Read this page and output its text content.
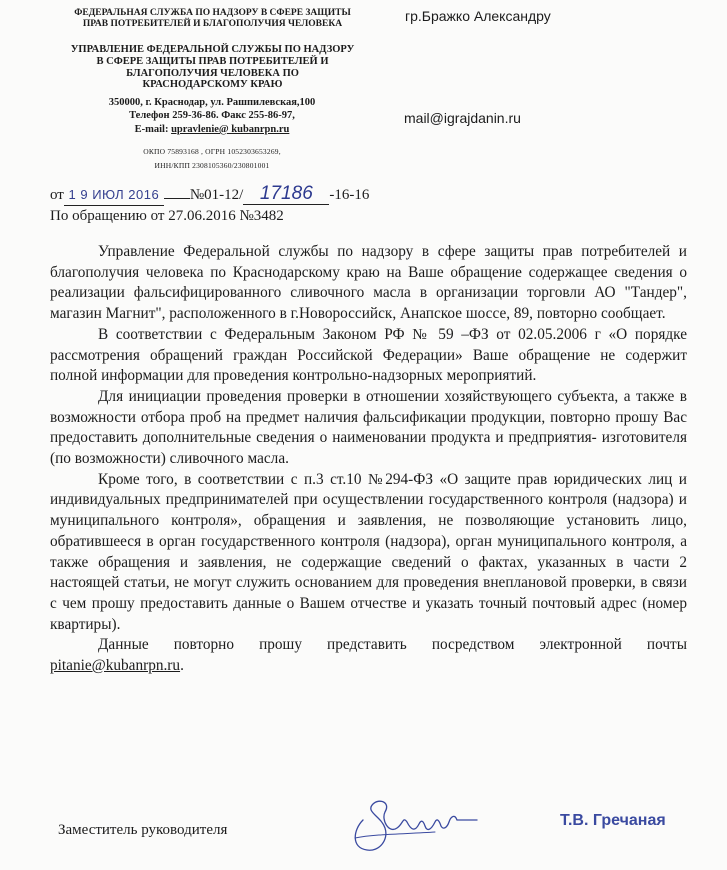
ФЕДЕРАЛЬНАЯ СЛУЖБА ПО НАДЗОРУ В СФЕРЕ ЗАЩИТЫ
ПРАВ ПОТРЕБИТЕЛЕЙ И БЛАГОПОЛУЧИЯ ЧЕЛОВЕКА
УПРАВЛЕНИЕ ФЕДЕРАЛЬНОЙ СЛУЖБЫ ПО НАДЗОРУ
В СФЕРЕ ЗАЩИТЫ ПРАВ ПОТРЕБИТЕЛЕЙ И
БЛАГОПОЛУЧИЯ ЧЕЛОВЕКА ПО
КРАСНОДАРСКОМУ КРАЮ
350000, г. Краснодар, ул. Рашпилевская,100
Телефон 259-36-86. Факс 255-86-97,
E-mail: upravlenie@ kubanrpn.ru
ОКПО 75893168 , ОГРН 1052303653269,
ИНН/КПП 2308105360/230801001
гр.Бражко Александру
mail@igrajdanin.ru
от 1 9 ИЮЛ 2016 №01-12/ 17186 -16-16
По обращению от 27.06.2016 №3482

Управление Федеральной службы по надзору в сфере защиты прав потребителей и благополучия человека по Краснодарскому краю на Ваше обращение содержащее сведения о реализации фальсифицированного сливочного масла в организации торговли АО "Тандер", магазин Магнит", расположенного в г.Новороссийск, Анапское шоссе, 89, повторно сообщает.

В соответствии с Федеральным Законом РФ № 59 –ФЗ от 02.05.2006 г «О порядке рассмотрения обращений граждан Российской Федерации» Ваше обращение не содержит полной информации для проведения контрольно-надзорных мероприятий.

Для инициации проведения проверки в отношении хозяйствующего субъекта, а также в возможности отбора проб на предмет наличия фальсификации продукции, повторно прошу Вас предоставить дополнительные сведения о наименовании продукта и предприятия- изготовителя (по возможности) сливочного масла.

Кроме того, в соответствии с п.3 ст.10 №294-ФЗ «О защите прав юридических лиц и индивидуальных предпринимателей при осуществлении государственного контроля (надзора) и муниципального контроля», обращения и заявления, не позволяющие установить лицо, обратившееся в орган государственного контроля (надзора), орган муниципального контроля, а также обращения и заявления, не содержащие сведений о фактах, указанных в части 2 настоящей статьи, не могут служить основанием для проведения внеплановой проверки, в связи с чем прошу предоставить данные о Вашем отчестве и указать точный почтовый адрес (номер квартиры).

Данные повторно прошу представить посредством электронной почты pitanie@kubanrpn.ru.

Заместитель руководителя
Т.В. Гречаная
